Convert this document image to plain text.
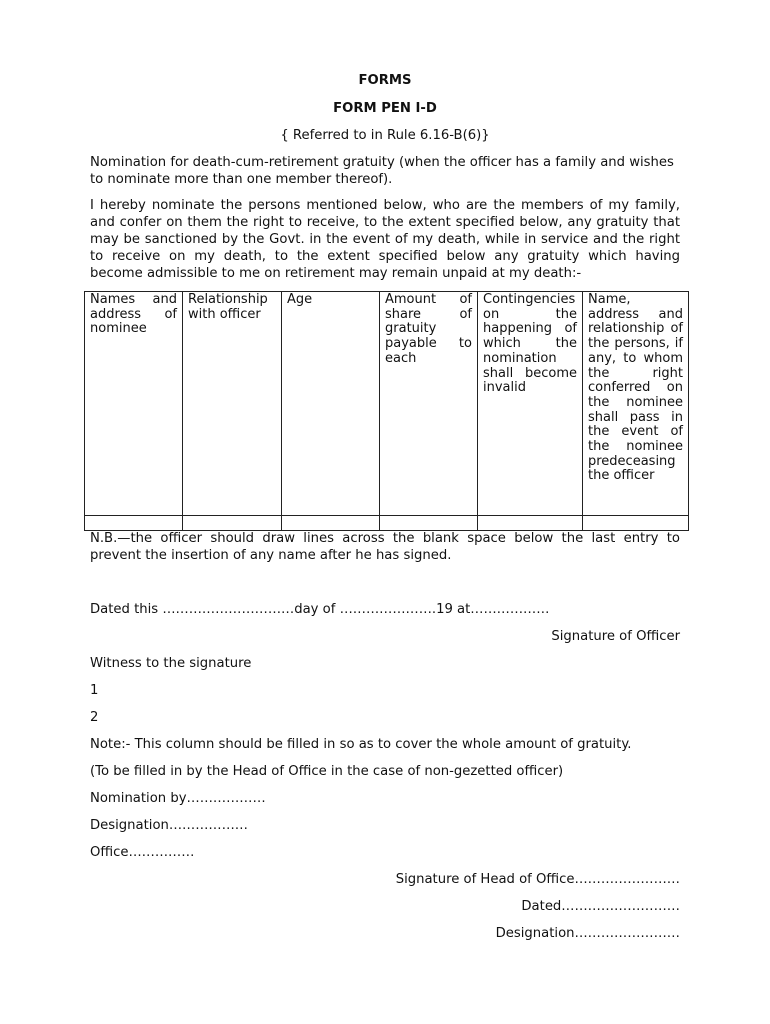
FORMS
FORM PEN I-D
{ Referred to in Rule 6.16-B(6)}
Nomination for death-cum-retirement gratuity (when the officer has a family and wishes
to nominate more than one member thereof).
I hereby nominate the persons mentioned below, who are the members of my family,
and confer on them the right to receive, to the extent specified below, any gratuity that
may be sanctioned by the Govt. in the event of my death, while in service and the right
to receive on my death, to the extent specified below any gratuity which having
become admissible to me on retirement may remain unpaid at my death:-
Names and address of nominee	Relationship with officer	Age	Amount of share of gratuity payable to each	Contingencies on the happening of which the nomination shall become invalid	Name, address and relationship of the persons, if any, to whom the right conferred on the nominee shall pass in the event of the nominee predeceasing the officer

N.B.—the officer should draw lines across the blank space below the last entry to
prevent the insertion of any name after he has signed.
Dated this …………………………day of ………………….19 at………………
Signature of Officer
Witness to the signature
1
2
Note:- This column should be filled in so as to cover the whole amount of gratuity.
(To be filled in by the Head of Office in the case of non-gezetted officer)
Nomination by………………
Designation………………
Office……………
Signature of Head of Office……………………
Dated………………………
Designation……………………
